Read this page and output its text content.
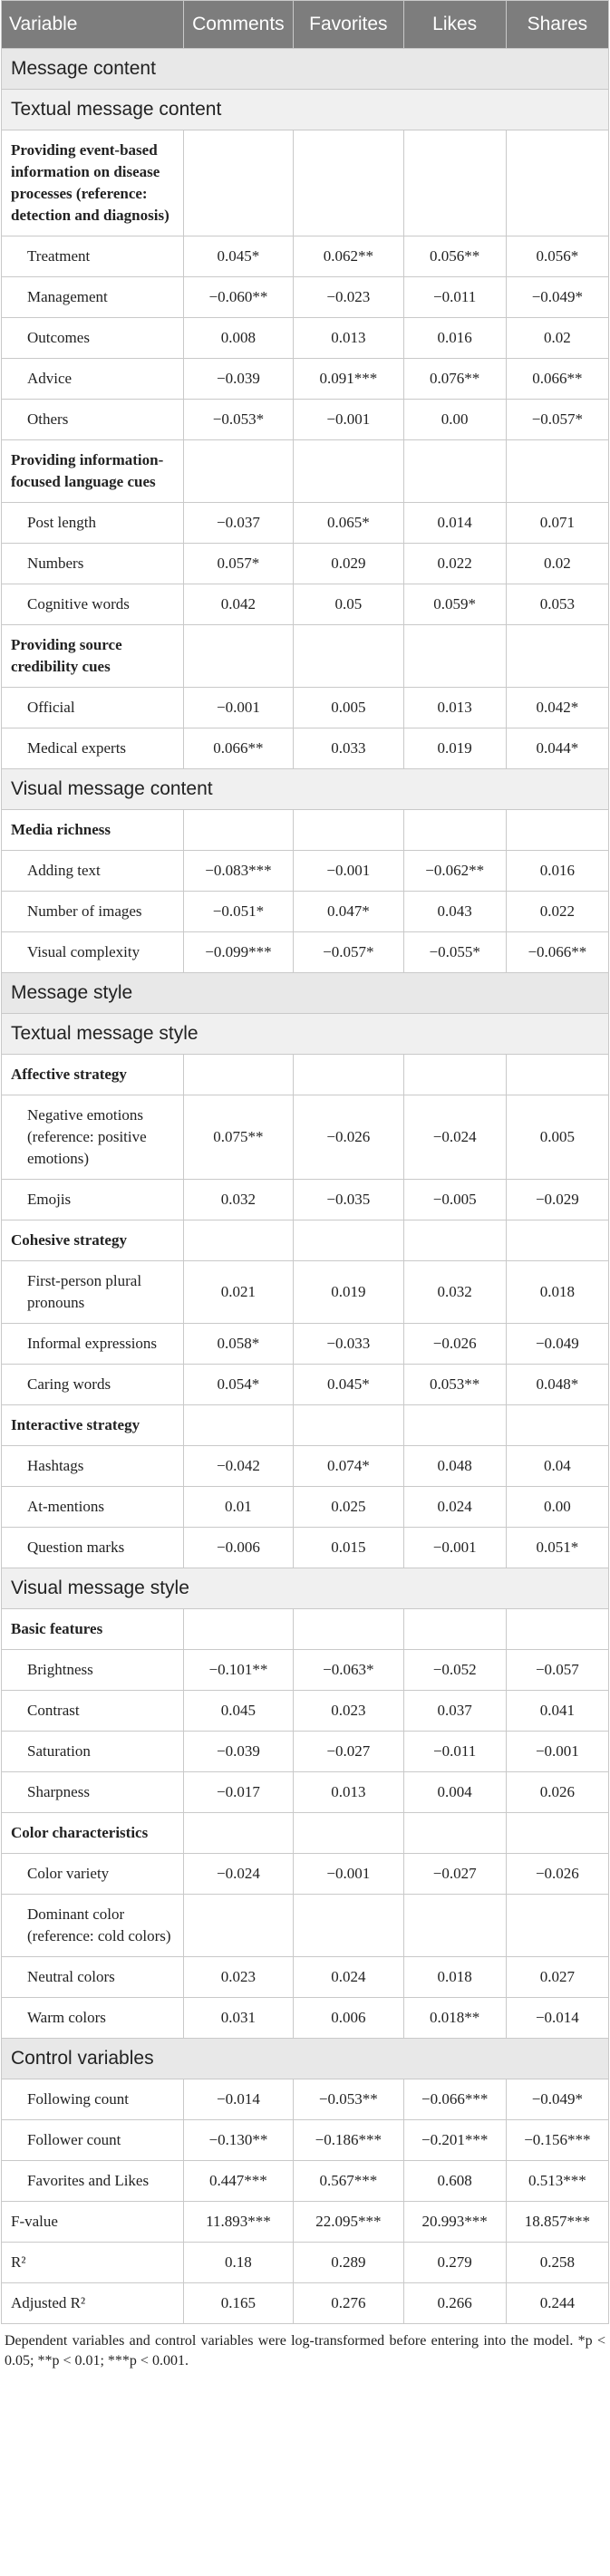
Variable	Comments	Favorites	Likes	Shares
Message content				
Textual message content				
Providing event-based information on disease processes (reference: detection and diagnosis)				
Treatment	0.045*	0.062**	0.056**	0.056*
Management	−0.060**	−0.023	−0.011	−0.049*
Outcomes	0.008	0.013	0.016	0.02
Advice	−0.039	0.091***	0.076**	0.066**
Others	−0.053*	−0.001	0.00	−0.057*
Providing information-focused language cues				
Post length	−0.037	0.065*	0.014	0.071
Numbers	0.057*	0.029	0.022	0.02
Cognitive words	0.042	0.05	0.059*	0.053
Providing source credibility cues				
Official	−0.001	0.005	0.013	0.042*
Medical experts	0.066**	0.033	0.019	0.044*
Visual message content				
Media richness				
Adding text	−0.083***	−0.001	−0.062**	0.016
Number of images	−0.051*	0.047*	0.043	0.022
Visual complexity	−0.099***	−0.057*	−0.055*	−0.066**
Message style				
Textual message style				
Affective strategy				
Negative emotions (reference: positive emotions)	0.075**	−0.026	−0.024	0.005
Emojis	0.032	−0.035	−0.005	−0.029
Cohesive strategy				
First-person plural pronouns	0.021	0.019	0.032	0.018
Informal expressions	0.058*	−0.033	−0.026	−0.049
Caring words	0.054*	0.045*	0.053**	0.048*
Interactive strategy				
Hashtags	−0.042	0.074*	0.048	0.04
At-mentions	0.01	0.025	0.024	0.00
Question marks	−0.006	0.015	−0.001	0.051*
Visual message style				
Basic features				
Brightness	−0.101**	−0.063*	−0.052	−0.057
Contrast	0.045	0.023	0.037	0.041
Saturation	−0.039	−0.027	−0.011	−0.001
Sharpness	−0.017	0.013	0.004	0.026
Color characteristics				
Color variety	−0.024	−0.001	−0.027	−0.026
Dominant color (reference: cold colors)				
Neutral colors	0.023	0.024	0.018	0.027
Warm colors	0.031	0.006	0.018**	−0.014
Control variables				
Following count	−0.014	−0.053**	−0.066***	−0.049*
Follower count	−0.130**	−0.186***	−0.201***	−0.156***
Favorites and Likes	0.447***	0.567***	0.608	0.513***
F-value	11.893***	22.095***	20.993***	18.857***
R²	0.18	0.289	0.279	0.258
Adjusted R²	0.165	0.276	0.266	0.244
Dependent variables and control variables were log-transformed before entering into the model. *p < 0.05; **p < 0.01; ***p < 0.001.
